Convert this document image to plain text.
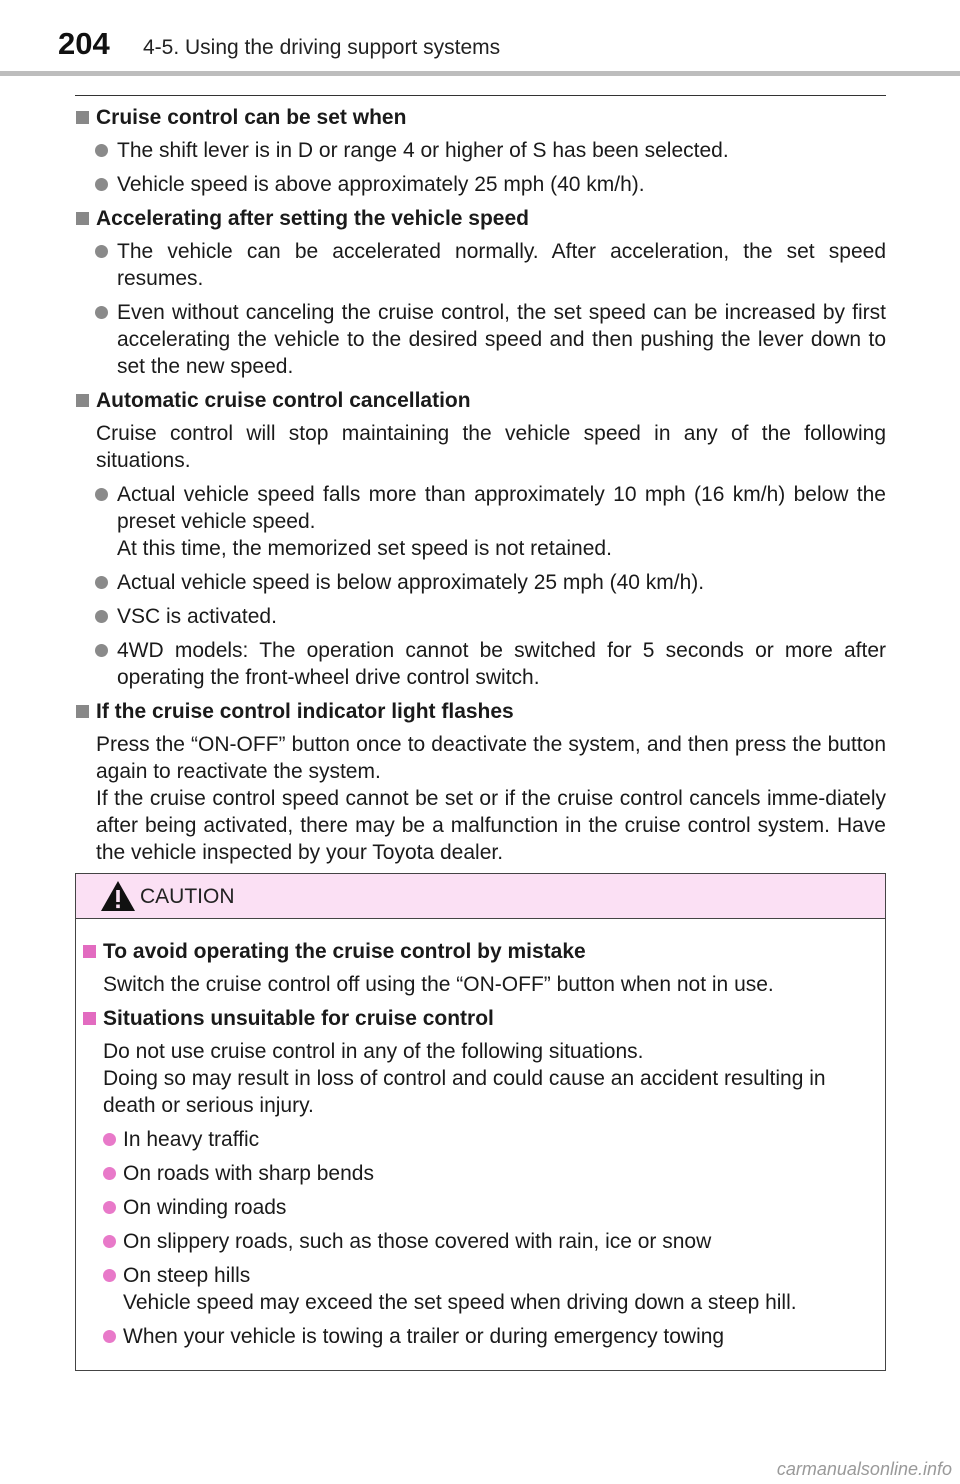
204 4-5. Using the driving support systems
Cruise control can be set when
The shift lever is in D or range 4 or higher of S has been selected.
Vehicle speed is above approximately 25 mph (40 km/h).
Accelerating after setting the vehicle speed
The vehicle can be accelerated normally. After acceleration, the set speed resumes.
Even without canceling the cruise control, the set speed can be increased by first accelerating the vehicle to the desired speed and then pushing the lever down to set the new speed.
Automatic cruise control cancellation
Cruise control will stop maintaining the vehicle speed in any of the following situations.
Actual vehicle speed falls more than approximately 10 mph (16 km/h) below the preset vehicle speed.
At this time, the memorized set speed is not retained.
Actual vehicle speed is below approximately 25 mph (40 km/h).
VSC is activated.
4WD models: The operation cannot be switched for 5 seconds or more after operating the front-wheel drive control switch.
If the cruise control indicator light flashes
Press the “ON-OFF” button once to deactivate the system, and then press the button again to reactivate the system.
If the cruise control speed cannot be set or if the cruise control cancels imme-diately after being activated, there may be a malfunction in the cruise control system. Have the vehicle inspected by your Toyota dealer.
CAUTION
To avoid operating the cruise control by mistake
Switch the cruise control off using the “ON-OFF” button when not in use.
Situations unsuitable for cruise control
Do not use cruise control in any of the following situations.
Doing so may result in loss of control and could cause an accident resulting in death or serious injury.
In heavy traffic
On roads with sharp bends
On winding roads
On slippery roads, such as those covered with rain, ice or snow
On steep hills
Vehicle speed may exceed the set speed when driving down a steep hill.
When your vehicle is towing a trailer or during emergency towing
carmanualsonline.info
